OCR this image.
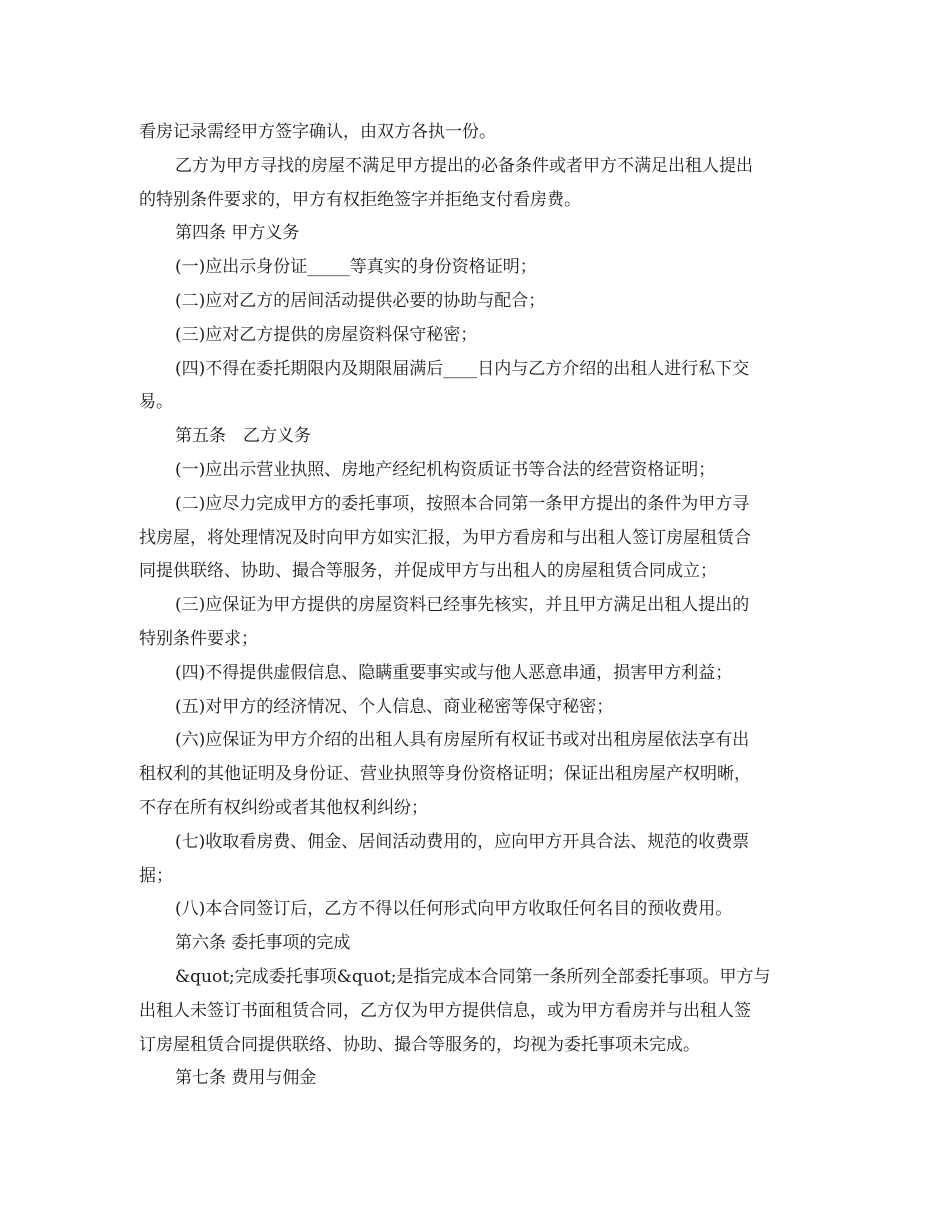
看房记录需经甲方签字确认，由双方各执一份。
乙方为甲方寻找的房屋不满足甲方提出的必备条件或者甲方不满足出租人提出
的特别条件要求的，甲方有权拒绝签字并拒绝支付看房费。
第四条 甲方义务
(一)应出示身份证_____等真实的身份资格证明；
(二)应对乙方的居间活动提供必要的协助与配合；
(三)应对乙方提供的房屋资料保守秘密；
(四)不得在委托期限内及期限届满后____日内与乙方介绍的出租人进行私下交
易。
第五条　乙方义务
(一)应出示营业执照、房地产经纪机构资质证书等合法的经营资格证明；
(二)应尽力完成甲方的委托事项，按照本合同第一条甲方提出的条件为甲方寻
找房屋，将处理情况及时向甲方如实汇报，为甲方看房和与出租人签订房屋租赁合
同提供联络、协助、撮合等服务，并促成甲方与出租人的房屋租赁合同成立；
(三)应保证为甲方提供的房屋资料已经事先核实，并且甲方满足出租人提出的
特别条件要求；
(四)不得提供虚假信息、隐瞒重要事实或与他人恶意串通，损害甲方利益；
(五)对甲方的经济情况、个人信息、商业秘密等保守秘密；
(六)应保证为甲方介绍的出租人具有房屋所有权证书或对出租房屋依法享有出
租权利的其他证明及身份证、营业执照等身份资格证明；保证出租房屋产权明晰，
不存在所有权纠纷或者其他权利纠纷；
(七)收取看房费、佣金、居间活动费用的，应向甲方开具合法、规范的收费票
据；
(八)本合同签订后，乙方不得以任何形式向甲方收取任何名目的预收费用。
第六条 委托事项的完成
&quot;完成委托事项&quot;是指完成本合同第一条所列全部委托事项。甲方与
出租人未签订书面租赁合同，乙方仅为甲方提供信息，或为甲方看房并与出租人签
订房屋租赁合同提供联络、协助、撮合等服务的，均视为委托事项未完成。
第七条 费用与佣金
